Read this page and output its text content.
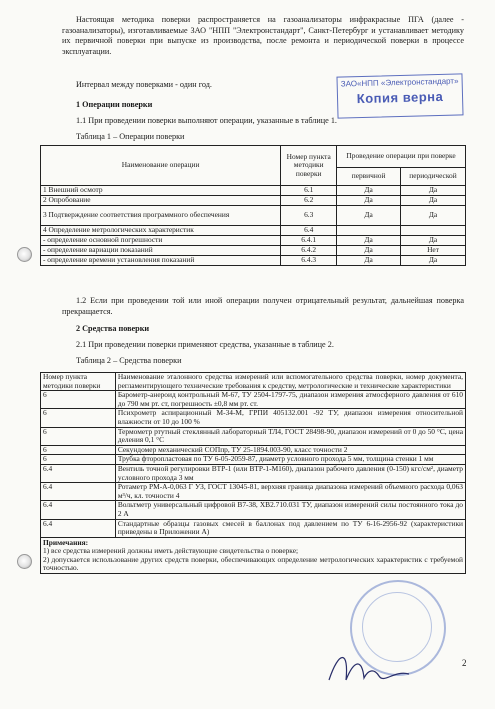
Настоящая методика поверки распространяется на газоанализаторы инфракрасные ПГА (далее - газоанализаторы), изготавливаемые ЗАО "НПП "Электронстандарт", Санкт-Петербург и устанавливает методику их первичной поверки при выпуске из производства, после ремонта и периодической поверки в процессе эксплуатации.

Интервал между поверками - один год.	ЗАО«НПП «Электронстандарт»
Копия верна

1 Операции поверки

1.1 При проведении поверки выполняют операции, указанные в таблице 1.

Таблица 1 – Операции поверки

Наименование операции	Номер пункта методики поверки	Проведение операции при поверке	
		первичной	периодической
1 Внешний осмотр	6.1	Да	Да
2 Опробование	6.2	Да	Да
3 Подтверждение соответствия программного обеспечения	6.3	Да	Да
4 Определение метрологических характеристик	6.4		
- определение основной погрешности	6.4.1	Да	Да
- определение вариации показаний	6.4.2	Да	Нет
- определение времени установления показаний	6.4.3	Да	Да

1.2 Если при проведении той или иной операции получен отрицательный результат, дальнейшая поверка прекращается.

2 Средства поверки

2.1 При проведении поверки применяют средства, указанные в таблице 2.

Таблица 2 – Средства поверки

Номер пункта методики поверки	Наименование эталонного средства измерений или вспомогательного средства поверки, номер документа, регламентирующего технические требования к средству, метрологические и технические характеристики
6	Барометр-анероид контрольный М-67, ТУ 2504-1797-75, диапазон измерения атмосферного давления от 610 до 790 мм рт. ст, погрешность ±0,8 мм рт. ст.
6	Психрометр аспирационный М-34-М, ГРПИ 405132.001 -92 ТУ, диапазон измерения относительной влажности от 10 до 100 %
6	Термометр ртутный стеклянный лабораторный ТЛ4, ГОСТ 28498-90, диапазон измерений от 0 до 50 °С, цена деления 0,1 °С
6	Секундомер механический СОПпр, ТУ 25-1894.003-90, класс точности 2
6	Трубка фторопластовая по ТУ 6-05-2059-87, диаметр условного прохода 5 мм, толщина стенки 1 мм
6.4	Вентиль точной регулировки ВТР-1 (или ВТР-1-М160), диапазон рабочего давления (0-150) кгс/см², диаметр условного прохода 3 мм
6.4	Ротаметр РМ-А-0,063 Г УЗ, ГОСТ 13045-81, верхняя граница диапазона измерений объемного расхода 0,063 м³/ч, кл. точности 4
6.4	Вольтметр универсальный цифровой В7-38, ХВ2.710.031 ТУ, диапазон измерений силы постоянного тока до 2 А
6.4	Стандартные образцы газовых смесей в баллонах под давлением по ТУ 6-16-2956-92 (характеристики приведены в Приложении А)

Примечания:
1) все средства измерений должны иметь действующие свидетельства о поверке;
2) допускается использование других средств поверки, обеспечивающих определение метрологических характеристик с требуемой точностью.	
2
